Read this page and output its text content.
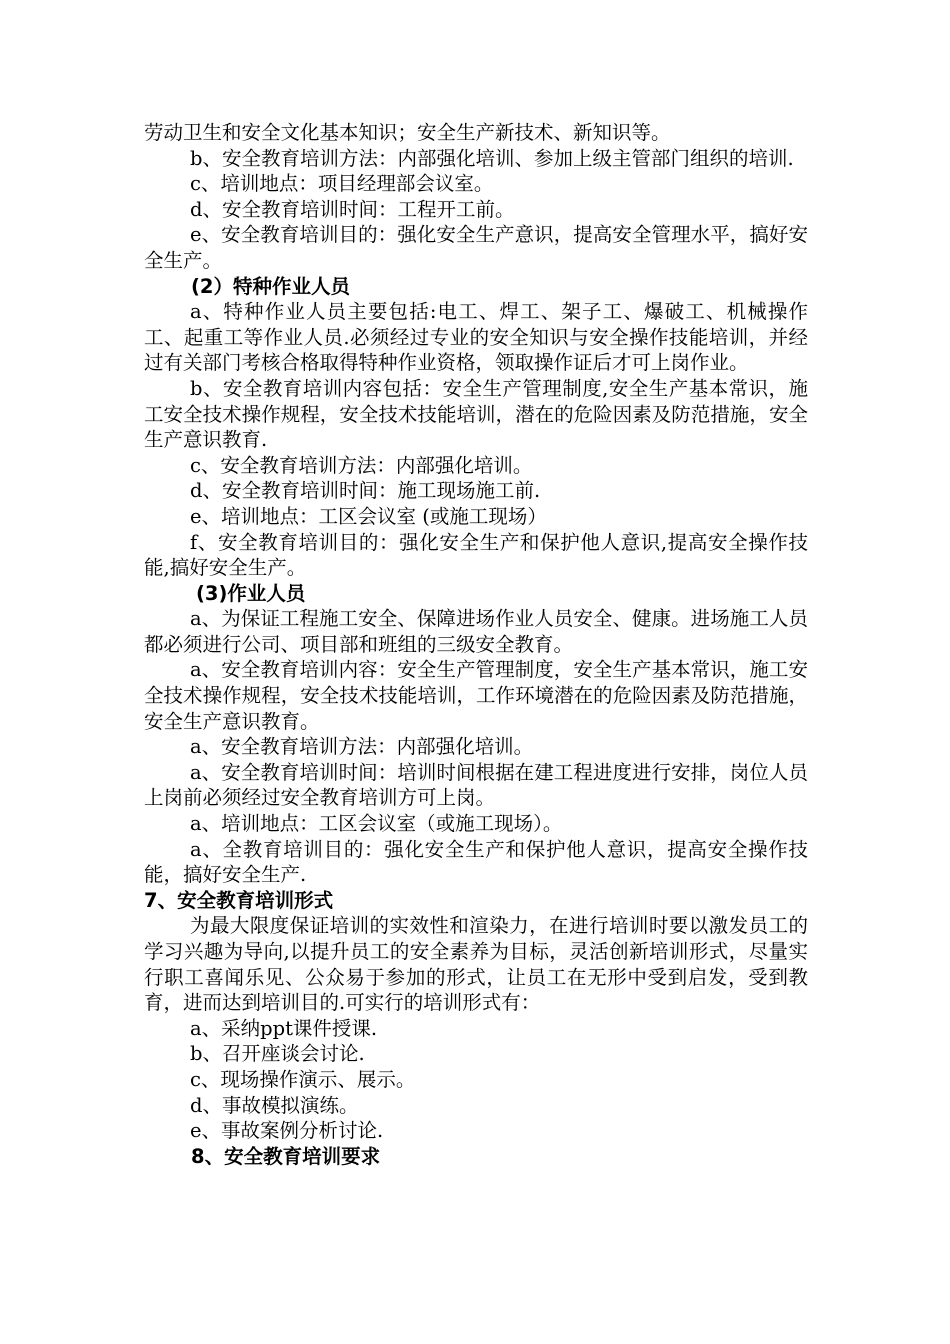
劳动卫生和安全文化基本知识；安全生产新技术、新知识等。

b、安全教育培训方法：内部强化培训、参加上级主管部门组织的培训.

c、培训地点：项目经理部会议室。

d、安全教育培训时间：工程开工前。

e、安全教育培训目的：强化安全生产意识，提高安全管理水平，搞好安全生产。

(2）特种作业人员

a、特种作业人员主要包括:电工、焊工、架子工、爆破工、机械操作工、起重工等作业人员.必须经过专业的安全知识与安全操作技能培训，并经过有关部门考核合格取得特种作业资格，领取操作证后才可上岗作业。

b、安全教育培训内容包括：安全生产管理制度,安全生产基本常识，施工安全技术操作规程，安全技术技能培训，潜在的危险因素及防范措施，安全生产意识教育.

c、安全教育培训方法：内部强化培训。

d、安全教育培训时间：施工现场施工前.

e、培训地点：工区会议室 (或施工现场）

f、安全教育培训目的：强化安全生产和保护他人意识,提高安全操作技能,搞好安全生产。

(3)作业人员

a、为保证工程施工安全、保障进场作业人员安全、健康。进场施工人员都必须进行公司、项目部和班组的三级安全教育。

a、安全教育培训内容：安全生产管理制度，安全生产基本常识，施工安全技术操作规程，安全技术技能培训，工作环境潜在的危险因素及防范措施，安全生产意识教育。

a、安全教育培训方法：内部强化培训。

a、安全教育培训时间：培训时间根据在建工程进度进行安排，岗位人员上岗前必须经过安全教育培训方可上岗。

a、培训地点：工区会议室（或施工现场）。

a、全教育培训目的：强化安全生产和保护他人意识，提高安全操作技能，搞好安全生产.

7、安全教育培训形式

为最大限度保证培训的实效性和渲染力，在进行培训时要以激发员工的学习兴趣为导向,以提升员工的安全素养为目标，灵活创新培训形式，尽量实行职工喜闻乐见、公众易于参加的形式，让员工在无形中受到启发，受到教育，进而达到培训目的.可实行的培训形式有：

a、采纳ppt课件授课.

b、召开座谈会讨论.

c、现场操作演示、展示。

d、事故模拟演练。

e、事故案例分析讨论.

8、安全教育培训要求
